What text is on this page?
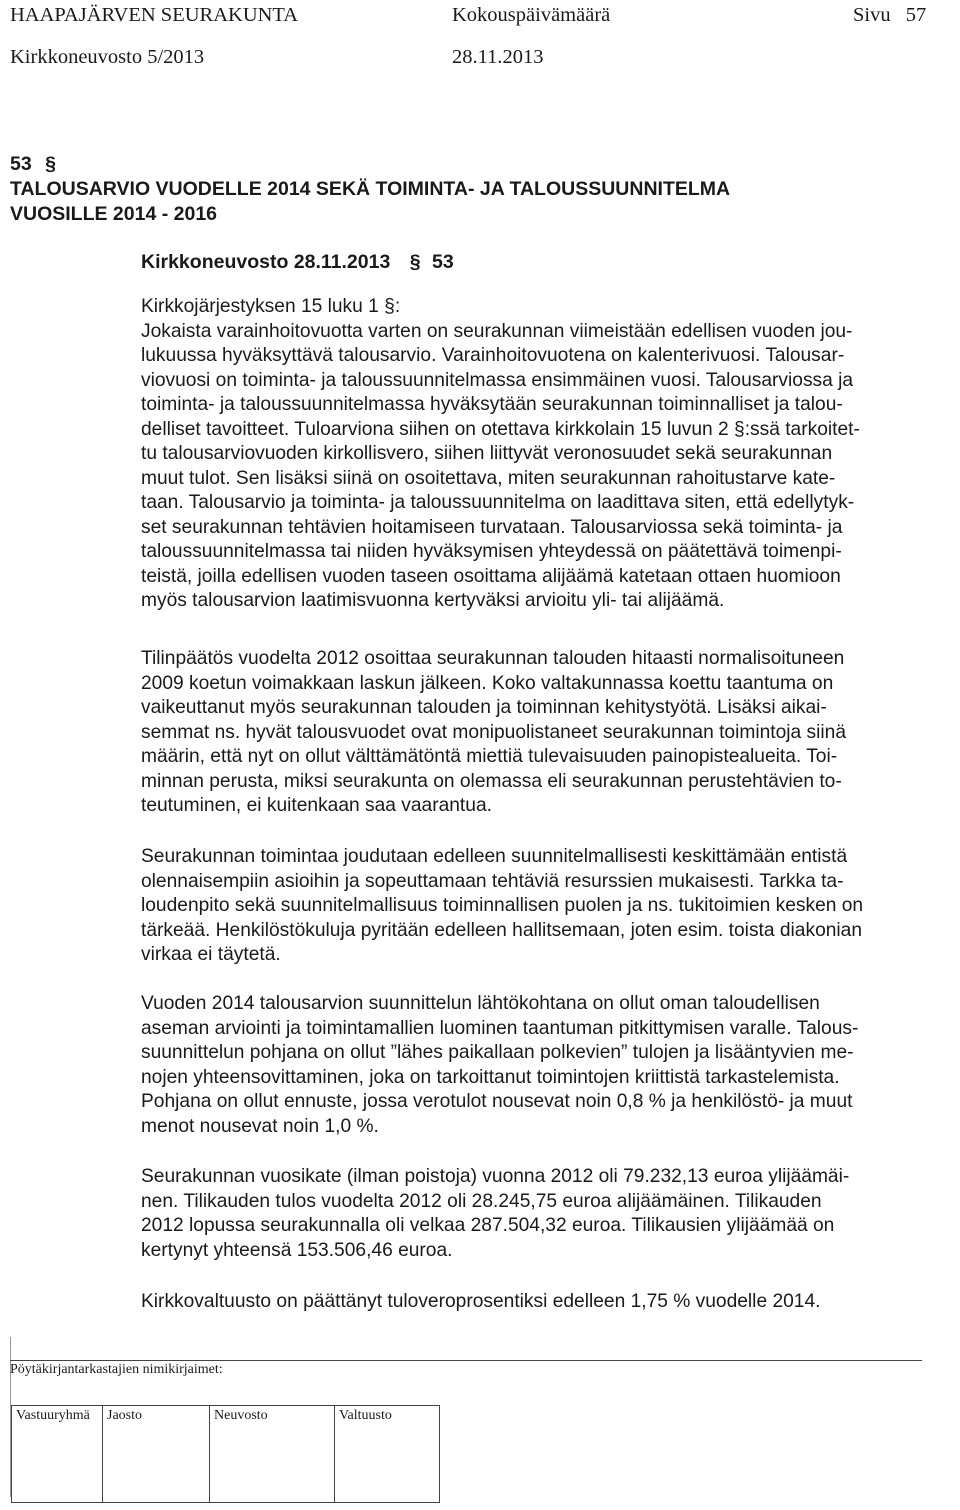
HAAPAJÄRVEN SEURAKUNTA	Kokouspäivämäärä	Sivu 57
Kirkkoneuvosto 5/2013	28.11.2013
53 §
TALOUSARVIO VUODELLE 2014 SEKÄ TOIMINTA- JA TALOUSSUUNNITELMA
VUOSILLE 2014 - 2016
Kirkkoneuvosto 28.11.2013 § 53
Kirkkojärjestyksen 15 luku 1 §:
Jokaista varainhoitovuotta varten on seurakunnan viimeistään edellisen vuoden jou-
lukuussa hyväksyttävä talousarvio. Varainhoitovuotena on kalenterivuosi. Talousar-
viovuosi on toiminta- ja taloussuunnitelmassa ensimmäinen vuosi. Talousarviossa ja
toiminta- ja taloussuunnitelmassa hyväksytään seurakunnan toiminnalliset ja talou-
delliset tavoitteet. Tuloarviona siihen on otettava kirkkolain 15 luvun 2 §:ssä tarkoitet-
tu talousarviovuoden kirkollisvero, siihen liittyvät veronosuudet sekä seurakunnan
muut tulot. Sen lisäksi siinä on osoitettava, miten seurakunnan rahoitustarve kate-
taan. Talousarvio ja toiminta- ja taloussuunnitelma on laadittava siten, että edellytyk-
set seurakunnan tehtävien hoitamiseen turvataan. Talousarviossa sekä toiminta- ja
taloussuunnitelmassa tai niiden hyväksymisen yhteydessä on päätettävä toimenpi-
teistä, joilla edellisen vuoden taseen osoittama alijäämä katetaan ottaen huomioon
myös talousarvion laatimisvuonna kertyväksi arvioitu yli- tai alijäämä.
Tilinpäätös vuodelta 2012 osoittaa seurakunnan talouden hitaasti normalisoituneen
2009 koetun voimakkaan laskun jälkeen. Koko valtakunnassa koettu taantuma on
vaikeuttanut myös seurakunnan talouden ja toiminnan kehitystyötä. Lisäksi aikai-
semmat ns. hyvät talousvuodet ovat monipuolistaneet seurakunnan toimintoja siinä
määrin, että nyt on ollut välttämätöntä miettiä tulevaisuuden painopistealueita. Toi-
minnan perusta, miksi seurakunta on olemassa eli seurakunnan perustehtävien to-
teutuminen, ei kuitenkaan saa vaarantua.
Seurakunnan toimintaa joudutaan edelleen suunnitelmallisesti keskittämään entistä
olennaisempiin asioihin ja sopeuttamaan tehtäviä resurssien mukaisesti. Tarkka ta-
loudenpito sekä suunnitelmallisuus toiminnallisen puolen ja ns. tukitoimien kesken on
tärkeää. Henkilöstökuluja pyritään edelleen hallitsemaan, joten esim. toista diakonian
virkaa ei täytetä.
Vuoden 2014 talousarvion suunnittelun lähtökohtana on ollut oman taloudellisen
aseman arviointi ja toimintamallien luominen taantuman pitkittymisen varalle. Talous-
suunnittelun pohjana on ollut ”lähes paikallaan polkevien” tulojen ja lisääntyvien me-
nojen yhteensovittaminen, joka on tarkoittanut toimintojen kriittistä tarkastelemista.
Pohjana on ollut ennuste, jossa verotulot nousevat noin 0,8 % ja henkilöstö- ja muut
menot nousevat noin 1,0 %.
Seurakunnan vuosikate (ilman poistoja) vuonna 2012 oli 79.232,13 euroa ylijäämäi-
nen. Tilikauden tulos vuodelta 2012 oli 28.245,75 euroa alijäämäinen. Tilikauden
2012 lopussa seurakunnalla oli velkaa 287.504,32 euroa. Tilikausien ylijäämää on
kertynyt yhteensä 153.506,46 euroa.
Kirkkovaltuusto on päättänyt tuloveroprosentiksi edelleen 1,75 % vuodelle 2014.
Pöytäkirjantarkastajien nimikirjaimet:
Vastuuryhmä	Jaosto	Neuvosto	Valtuusto
